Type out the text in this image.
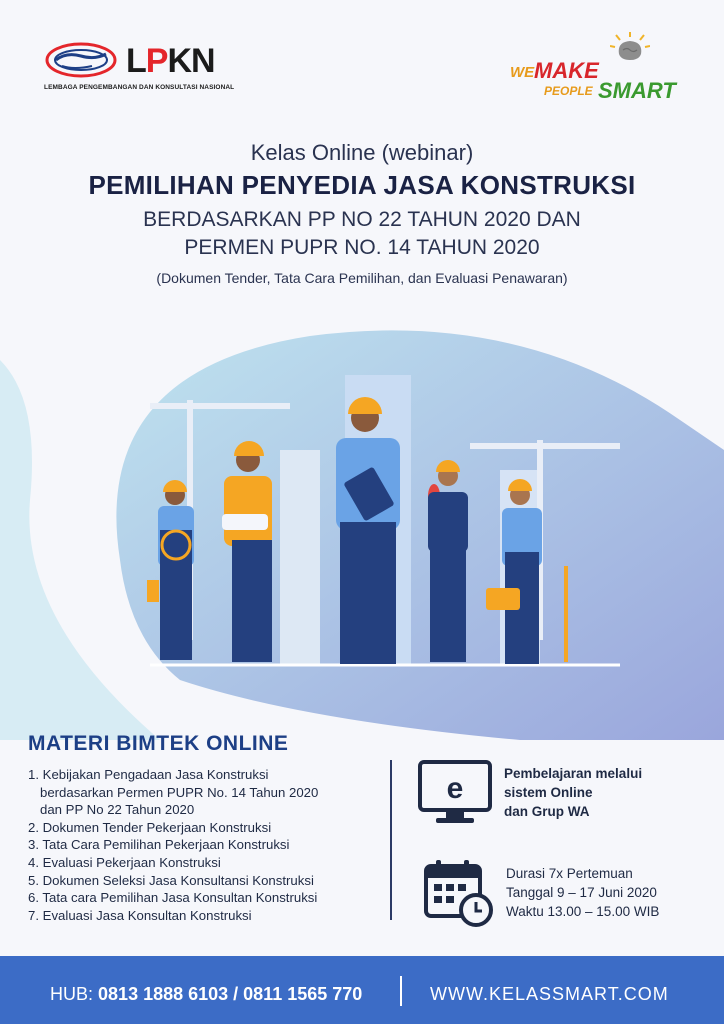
LPKN
LEMBAGA PENGEMBANGAN DAN KONSULTASI NASIONAL
WE MAKE
PEOPLE SMART
Kelas Online (webinar)
PEMILIHAN PENYEDIA JASA KONSTRUKSI
BERDASARKAN PP NO 22 TAHUN 2020 DAN
PERMEN PUPR NO. 14 TAHUN 2020
(Dokumen Tender, Tata Cara Pemilihan, dan Evaluasi Penawaran)
MATERI BIMTEK ONLINE
1. Kebijakan Pengadaan Jasa Konstruksi
berdasarkan Permen PUPR No. 14 Tahun 2020
dan PP No 22 Tahun 2020
2. Dokumen Tender Pekerjaan Konstruksi
3. Tata Cara Pemilihan Pekerjaan Konstruksi
4. Evaluasi Pekerjaan Konstruksi
5. Dokumen Seleksi Jasa Konsultansi Konstruksi
6. Tata cara Pemilihan Jasa Konsultan Konstruksi
7. Evaluasi Jasa Konsultan Konstruksi
e	Pembelajaran melalui
sistem Online
dan Grup WA
Durasi 7x Pertemuan
Tanggal 9 – 17 Juni 2020
Waktu 13.00 – 15.00 WIB
HUB: 0813 1888 6103 / 0811 1565 770	WWW.KELASSMART.COM
